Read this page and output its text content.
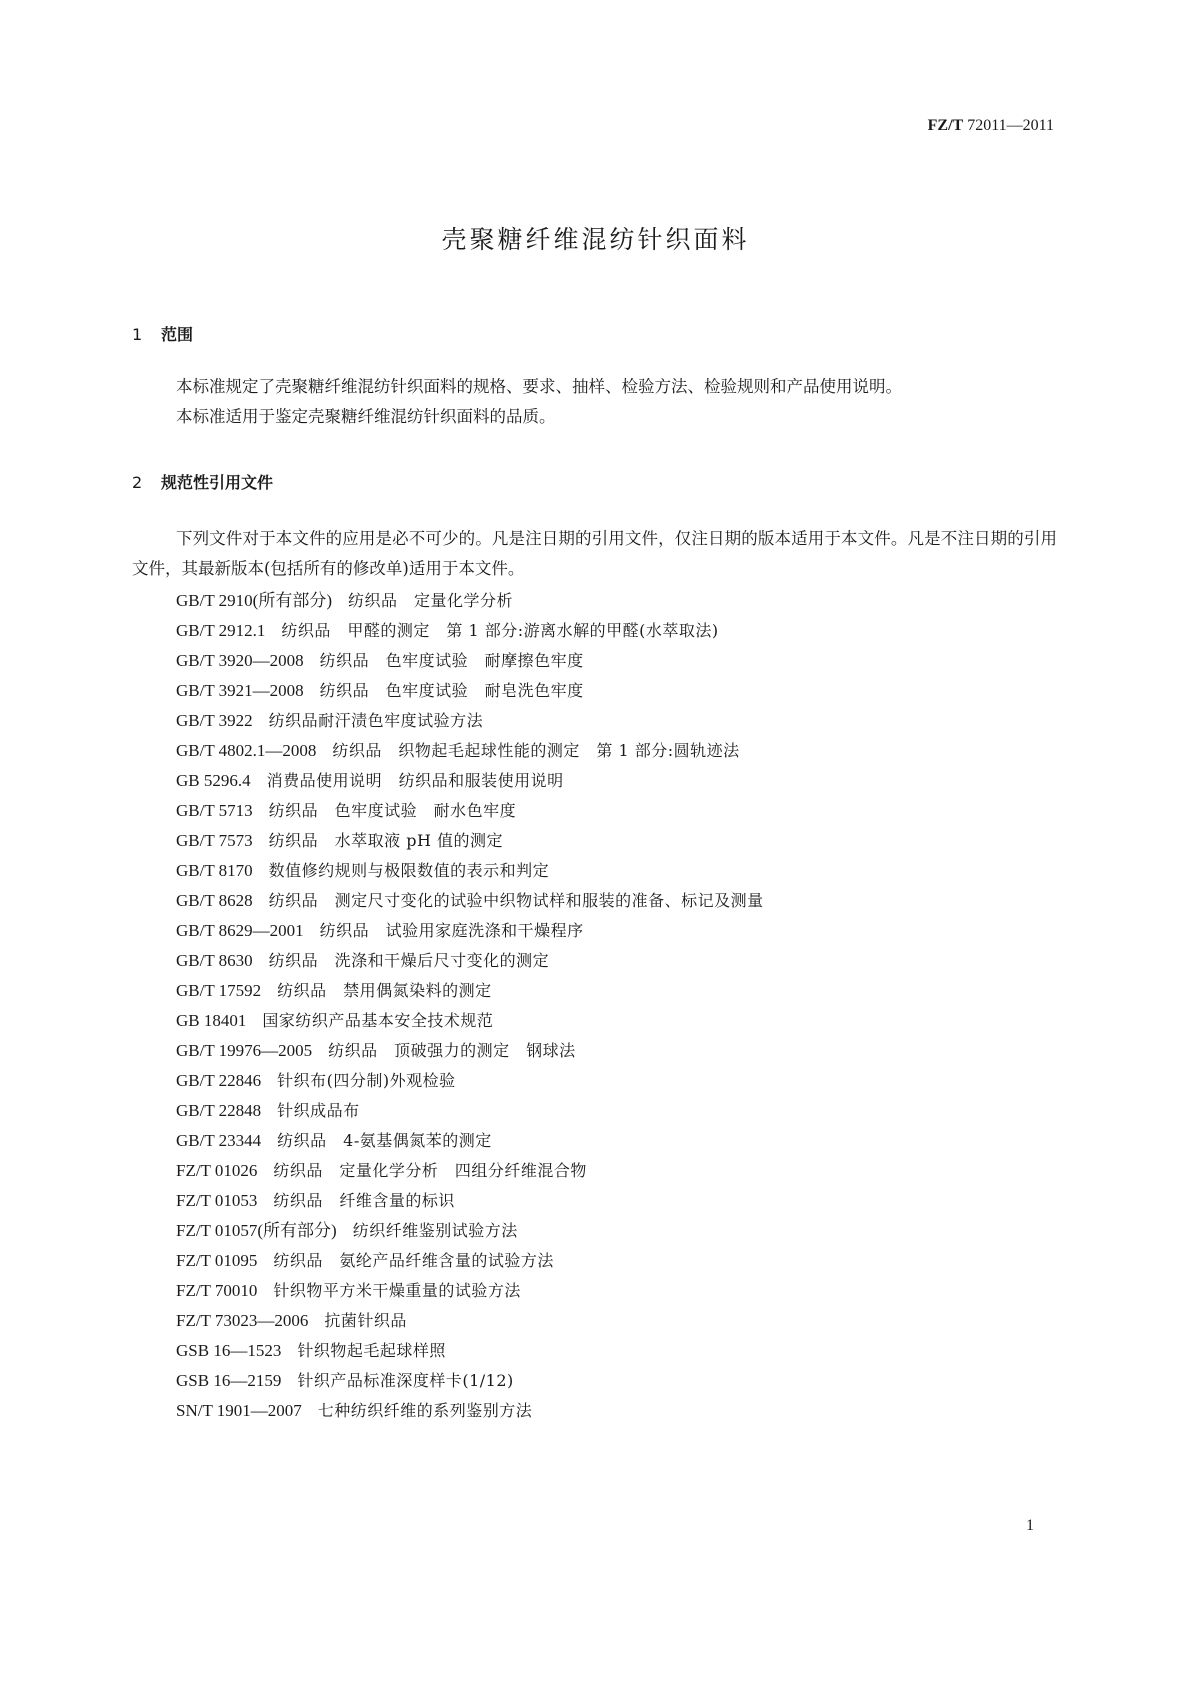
FZ/T 72011—2011
壳聚糖纤维混纺针织面料
1 范围

本标准规定了壳聚糖纤维混纺针织面料的规格、要求、抽样、检验方法、检验规则和产品使用说明。

本标准适用于鉴定壳聚糖纤维混纺针织面料的品质。

2 规范性引用文件

下列文件对于本文件的应用是必不可少的。凡是注日期的引用文件，仅注日期的版本适用于本文件。凡是不注日期的引用文件，其最新版本(包括所有的修改单)适用于本文件。

GB/T 2910(所有部分) 纺织品　定量化学分析
GB/T 2912.1 纺织品　甲醛的测定　第 1 部分:游离水解的甲醛(水萃取法)
GB/T 3920—2008 纺织品　色牢度试验　耐摩擦色牢度
GB/T 3921—2008 纺织品　色牢度试验　耐皂洗色牢度
GB/T 3922 纺织品耐汗渍色牢度试验方法
GB/T 4802.1—2008 纺织品　织物起毛起球性能的测定　第 1 部分:圆轨迹法
GB 5296.4 消费品使用说明　纺织品和服装使用说明
GB/T 5713 纺织品　色牢度试验　耐水色牢度
GB/T 7573 纺织品　水萃取液 pH 值的测定
GB/T 8170 数值修约规则与极限数值的表示和判定
GB/T 8628 纺织品　测定尺寸变化的试验中织物试样和服装的准备、标记及测量
GB/T 8629—2001 纺织品　试验用家庭洗涤和干燥程序
GB/T 8630 纺织品　洗涤和干燥后尺寸变化的测定
GB/T 17592 纺织品　禁用偶氮染料的测定
GB 18401 国家纺织产品基本安全技术规范
GB/T 19976—2005 纺织品　顶破强力的测定　钢球法
GB/T 22846 针织布(四分制)外观检验
GB/T 22848 针织成品布
GB/T 23344 纺织品　4-氨基偶氮苯的测定
FZ/T 01026 纺织品　定量化学分析　四组分纤维混合物
FZ/T 01053 纺织品　纤维含量的标识
FZ/T 01057(所有部分) 纺织纤维鉴别试验方法
FZ/T 01095 纺织品　氨纶产品纤维含量的试验方法
FZ/T 70010 针织物平方米干燥重量的试验方法
FZ/T 73023—2006 抗菌针织品
GSB 16—1523 针织物起毛起球样照
GSB 16—2159 针织产品标准深度样卡(1/12)
SN/T 1901—2007 七种纺织纤维的系列鉴别方法
1
